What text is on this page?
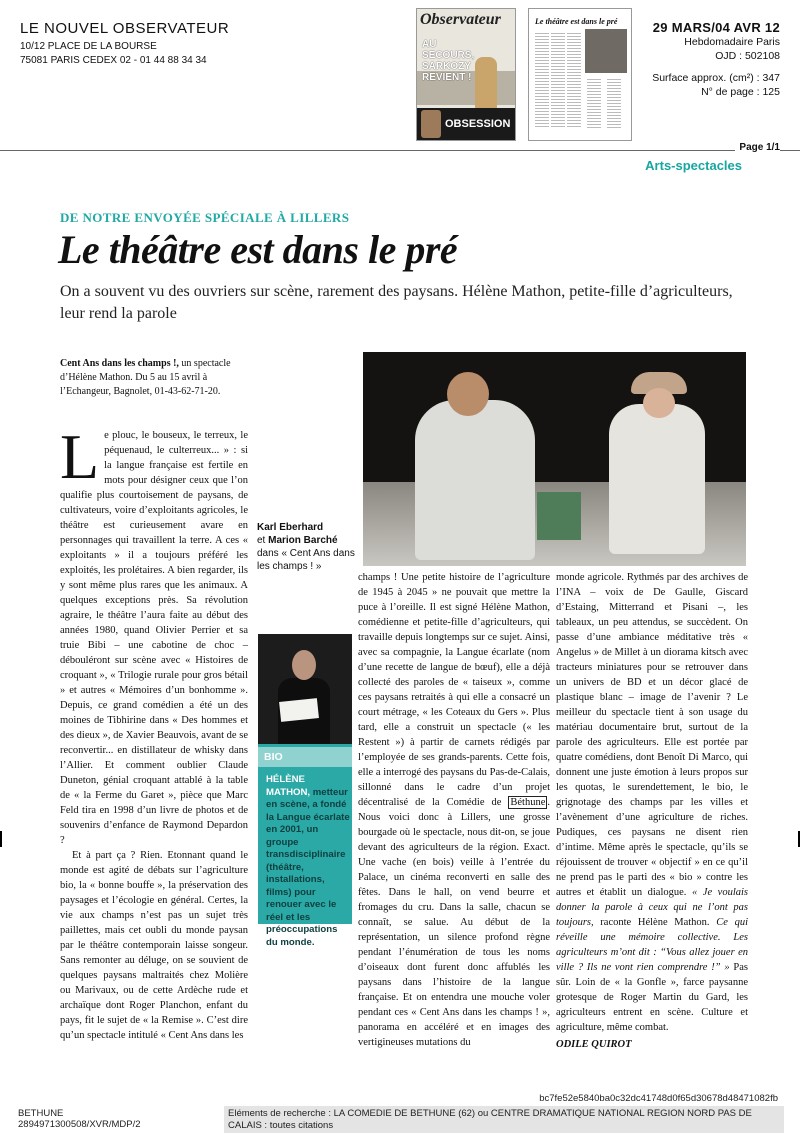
LE NOUVEL OBSERVATEUR
10/12 PLACE DE LA BOURSE
75081 PARIS CEDEX 02 - 01 44 88 34 34
Observateur
AU SECOURS, SARKOZY REVIENT !
OBSESSION
Le théâtre est dans le pré	29 MARS/04 AVR 12
Hebdomadaire Paris
OJD : 502108
Surface approx. (cm²) : 347
N° de page : 125
Page 1/1
Arts-spectacles
DE NOTRE ENVOYÉE SPÉCIALE À LILLERS
Le théâtre est dans le pré
On a souvent vu des ouvriers sur scène, rarement des paysans. Hélène Mathon, petite-fille d’agriculteurs, leur rend la parole
Cent Ans dans les champs !, un spectacle d’Hélène Mathon. Du 5 au 15 avril à l’Echangeur, Bagnolet, 01-43-62-71-20.
L e plouc, le bouseux, le terreux, le péquenaud, le culterreux... » : si la langue française est fertile en mots pour désigner ceux que l’on qualifie plus courtoisement de paysans, de cultivateurs, voire d’exploitants agricoles, le théâtre est curieusement avare en personnages qui travaillent la terre. A ces « exploitants » il a toujours préféré les exploités, les prolétaires. A bien regarder, ils y sont même plus rares que les animaux. A quelques exceptions près. Sa révolution agraire, le théâtre l’aura faite au début des années 1980, quand Olivier Perrier et sa truie Bibi – une cabotine de choc – débouléront sur scène avec « Histoires de croquant », « Trilogie rurale pour gros bétail » et autres « Mémoires d’un bonhomme ». Depuis, ce grand comédien a été un des moines de Tibhirine dans « Des hommes et des dieux », de Xavier Beauvois, avant de se reconvertir... en distillateur de whisky dans l’Allier. Et comment oublier Claude Duneton, génial croquant attablé à la table de « la Ferme du Garet », pièce que Marc Feld tira en 1998 d’un livre de photos et de souvenirs d’enfance de Raymond Depardon ?

Et à part ça ? Rien. Etonnant quand le monde est agité de débats sur l’agriculture bio, la « bonne bouffe », la préservation des paysages et l’écologie en général. Certes, la vie aux champs n’est pas un sujet très paillettes, mais cet oubli du monde paysan par le théâtre contemporain laisse songeur. Sans remonter au déluge, on se souvient de quelques paysans maltraités chez Molière ou Marivaux, ou de cette Ardèche rude et archaïque dont Roger Planchon, enfant du pays, fit le sujet de « la Remise ». C’est dire qu’un spectacle intitulé « Cent Ans dans les

Karl Eberhard
et Marion Barché
dans « Cent Ans dans les champs ! »
BIO
HÉLÈNE MATHON, metteur en scène, a fondé la Langue écarlate en 2001, un groupe transdisciplinaire (théâtre, installations, films) pour renouer avec le réel et les préoccupations du monde.
champs ! Une petite histoire de l’agriculture de 1945 à 2045 » ne pouvait que mettre la puce à l’oreille. Il est signé Hélène Mathon, comédienne et petite-fille d’agriculteurs, qui travaille depuis longtemps sur ce sujet. Ainsi, avec sa compagnie, la Langue écarlate (nom d’une recette de langue de bœuf), elle a déjà collecté des paroles de « taiseux », comme ces paysans retraités à qui elle a consacré un court métrage, « les Coteaux du Gers ». Plus tard, elle a construit un spectacle (« les Restent ») à partir de carnets rédigés par l’employée de ses grands-parents. Cette fois, elle a interrogé des paysans du Pas-de-Calais, sillonné dans le cadre d’un projet décentralisé de la Comédie de Béthune . Nous voici donc à Lillers, une grosse bourgade où le spectacle, nous dit-on, se joue devant des agriculteurs de la région. Exact. Une vache (en bois) veille à l’entrée du Palace, un cinéma reconverti en salle des fêtes. Dans le hall, on vend beurre et fromages du cru. Dans la salle, chacun se connaît, se salue. Au début de la représentation, un silence profond règne pendant l’énumération de tous les noms d’oiseaux dont furent donc affublés les paysans dans l’histoire de la langue française. Et on entendra une mouche voler pendant ces « Cent Ans dans les champs ! », panorama en accéléré et en images des vertigineuses mutations du
monde agricole. Rythmés par des archives de l’INA – voix de De Gaulle, Giscard d’Estaing, Mitterrand et Pisani –, les tableaux, un peu attendus, se succèdent. On passe d’une ambiance méditative très « Angelus » de Millet à un diorama kitsch avec tracteurs miniatures pour se retrouver dans un univers de BD et un décor glacé de plastique blanc – image de l’avenir ? Le meilleur du spectacle tient à son usage du matériau documentaire brut, surtout de la parole des agriculteurs. Elle est portée par quatre comédiens, dont Benoît Di Marco, qui donnent une juste émotion à leurs propos sur les quotas, le surendettement, le bio, le grignotage des champs par les villes et l’avènement d’une agriculture de riches. Pudiques, ces paysans ne disent rien d’intime. Même après le spectacle, qu’ils se réjouissent de trouver « objectif » en ce qu’il ne prend pas le parti des « bio » contre les autres et établit un dialogue. « Je voulais donner la parole à ceux qui ne l’ont pas toujours, raconte Hélène Mathon. Ce qui réveille une mémoire collective. Les agriculteurs m’ont dit : “Vous allez jouer en ville ? Ils ne vont rien comprendre !” » Pas sûr. Loin de « la Gonfle », farce paysanne grotesque de Roger Martin du Gard, les agriculteurs entrent en scène. Culture et agriculture, même combat.
ODILE QUIROT
bc7fe52e5840ba0c32dc41748d0f65d30678d48471082fb
BETHUNE
2894971300508/XVR/MDP/2
Eléments de recherche : LA COMEDIE DE BETHUNE (62) ou CENTRE DRAMATIQUE NATIONAL REGION NORD PAS DE CALAIS : toutes citations
